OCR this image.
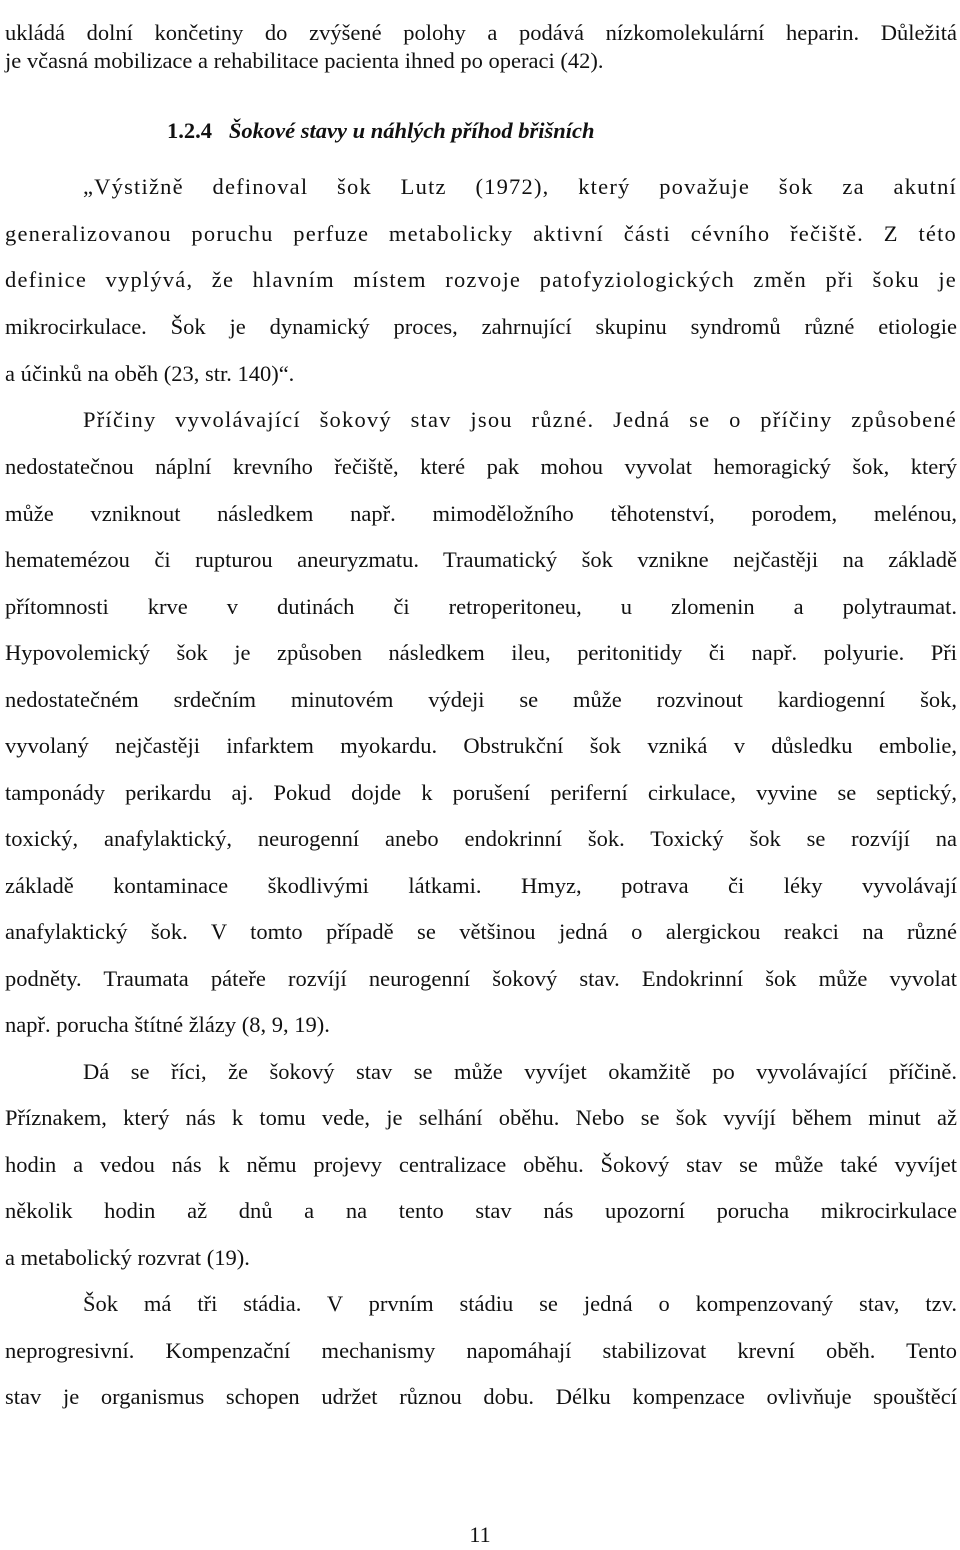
ukládá dolní končetiny do zvýšené polohy a podává nízkomolekulární heparin. Důležitá
je včasná mobilizace a rehabilitace pacienta ihned po operaci (42).
1.2.4 Šokové stavy u náhlých příhod břišních
„Výstižně definoval šok Lutz (1972), který považuje šok za akutní
generalizovanou poruchu perfuze metabolicky aktivní části cévního řečiště. Z této
definice vyplývá, že hlavním místem rozvoje patofyziologických změn při šoku je
mikrocirkulace. Šok je dynamický proces, zahrnující skupinu syndromů různé etiologie
a účinků na oběh (23, str. 140)“.
Příčiny vyvolávající šokový stav jsou různé. Jedná se o příčiny způsobené
nedostatečnou náplní krevního řečiště, které pak mohou vyvolat hemoragický šok, který
může vzniknout následkem např. mimoděložního těhotenství, porodem, melénou,
hematemézou či rupturou aneuryzmatu. Traumatický šok vznikne nejčastěji na základě
přítomnosti krve v dutinách či retroperitoneu, u zlomenin a polytraumat.
Hypovolemický šok je způsoben následkem ileu, peritonitidy či např. polyurie. Při
nedostatečném srdečním minutovém výdeji se může rozvinout kardiogenní šok,
vyvolaný nejčastěji infarktem myokardu. Obstrukční šok vzniká v důsledku embolie,
tamponády perikardu aj. Pokud dojde k porušení periferní cirkulace, vyvine se septický,
toxický, anafylaktický, neurogenní anebo endokrinní šok. Toxický šok se rozvíjí na
základě kontaminace škodlivými látkami. Hmyz, potrava či léky vyvolávají
anafylaktický šok. V tomto případě se většinou jedná o alergickou reakci na různé
podněty. Traumata páteře rozvíjí neurogenní šokový stav. Endokrinní šok může vyvolat
např. porucha štítné žlázy (8, 9, 19).
Dá se říci, že šokový stav se může vyvíjet okamžitě po vyvolávající příčině.
Příznakem, který nás k tomu vede, je selhání oběhu. Nebo se šok vyvíjí během minut až
hodin a vedou nás k němu projevy centralizace oběhu. Šokový stav se může také vyvíjet
několik hodin až dnů a na tento stav nás upozorní porucha mikrocirkulace
a metabolický rozvrat (19).
Šok má tři stádia. V prvním stádiu se jedná o kompenzovaný stav, tzv.
neprogresivní. Kompenzační mechanismy napomáhají stabilizovat krevní oběh. Tento
stav je organismus schopen udržet různou dobu. Délku kompenzace ovlivňuje spouštěcí
11
